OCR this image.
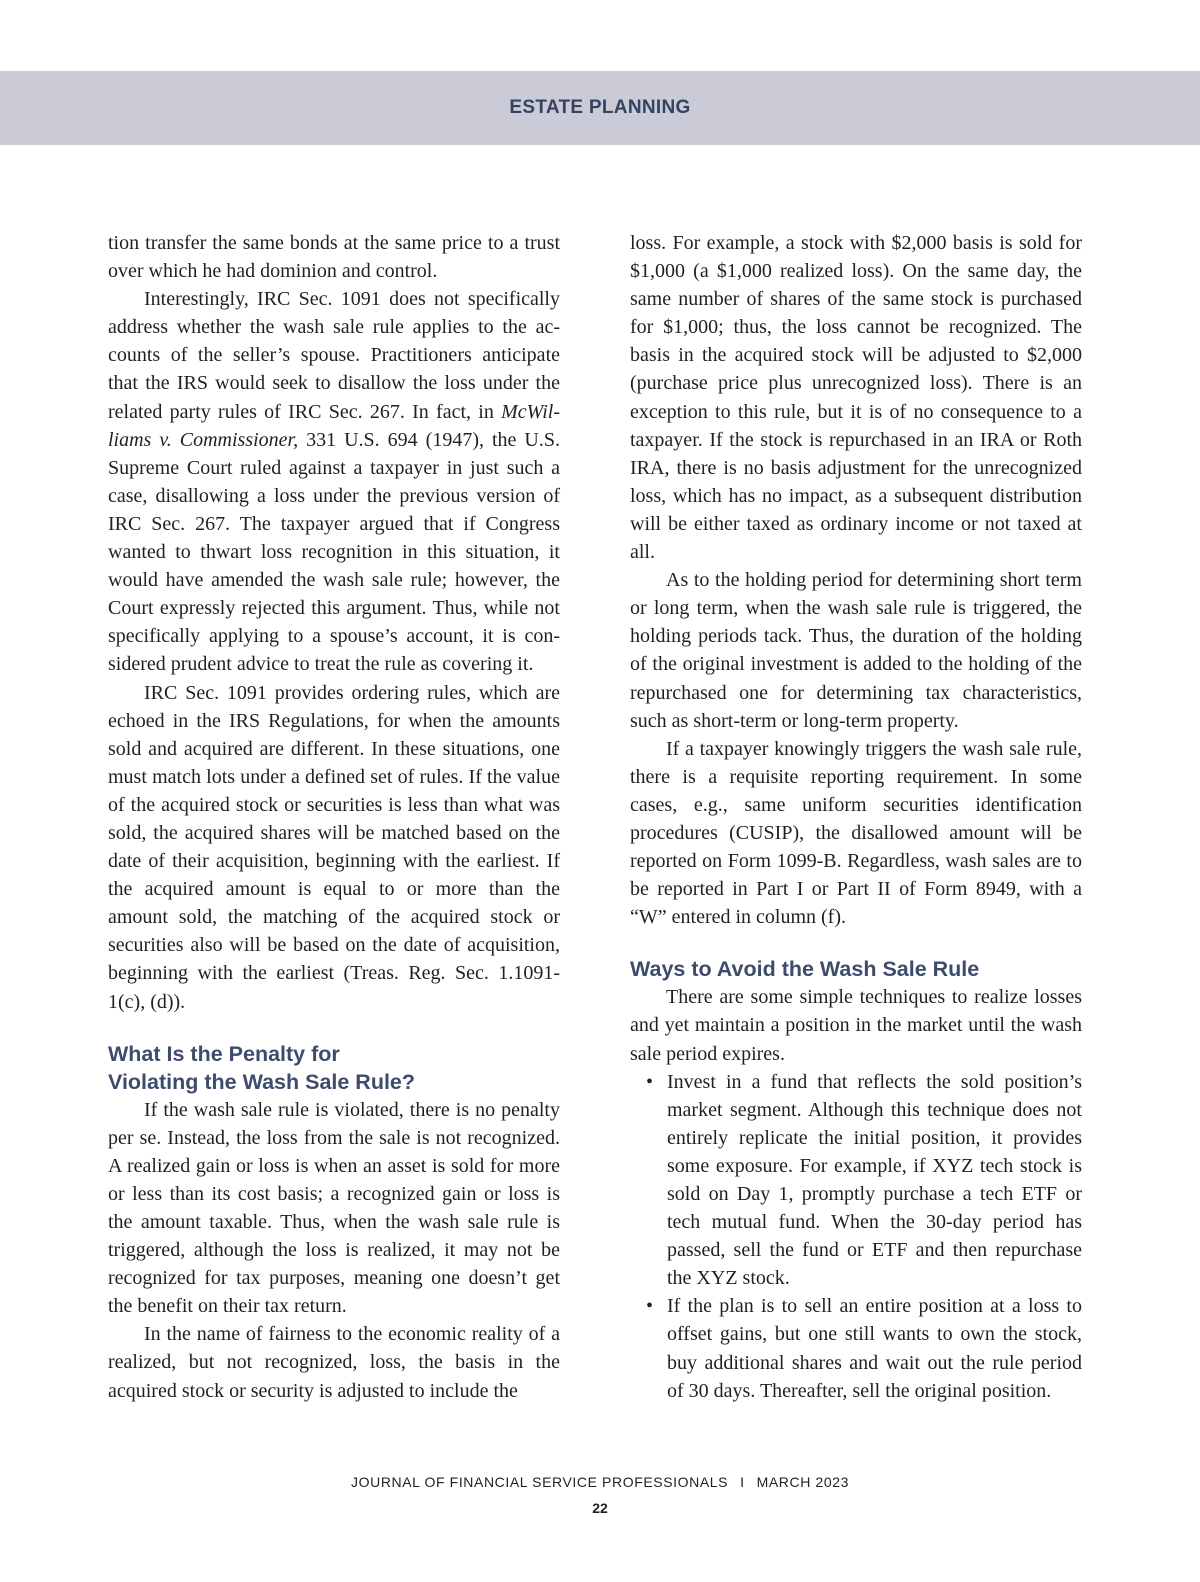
ESTATE PLANNING

tion transfer the same bonds at the same price to a trust over which he had dominion and control.

Interestingly, IRC Sec. 1091 does not specifically address whether the wash sale rule applies to the accounts of the seller’s spouse. Practitioners anticipate that the IRS would seek to disallow the loss under the related party rules of IRC Sec. 267. In fact, in McWilliams v. Commissioner, 331 U.S. 694 (1947), the U.S. Supreme Court ruled against a taxpayer in just such a case, disallowing a loss under the previous version of IRC Sec. 267. The taxpayer argued that if Congress wanted to thwart loss recognition in this situation, it would have amended the wash sale rule; however, the Court expressly rejected this argument. Thus, while not specifically applying to a spouse’s account, it is considered prudent advice to treat the rule as covering it.

IRC Sec. 1091 provides ordering rules, which are echoed in the IRS Regulations, for when the amounts sold and acquired are different. In these situations, one must match lots under a defined set of rules. If the value of the acquired stock or securities is less than what was sold, the acquired shares will be matched based on the date of their acquisition, beginning with the earliest. If the acquired amount is equal to or more than the amount sold, the matching of the acquired stock or securities also will be based on the date of acquisition, beginning with the earliest (Treas. Reg. Sec. 1.1091-1(c), (d)).

What Is the Penalty for
Violating the Wash Sale Rule?

If the wash sale rule is violated, there is no penalty per se. Instead, the loss from the sale is not recognized. A realized gain or loss is when an asset is sold for more or less than its cost basis; a recognized gain or loss is the amount taxable. Thus, when the wash sale rule is triggered, although the loss is realized, it may not be recognized for tax purposes, meaning one doesn’t get the benefit on their tax return.

In the name of fairness to the economic reality of a realized, but not recognized, loss, the basis in the acquired stock or security is adjusted to include the

loss. For example, a stock with $2,000 basis is sold for $1,000 (a $1,000 realized loss). On the same day, the same number of shares of the same stock is purchased for $1,000; thus, the loss cannot be recognized. The basis in the acquired stock will be adjusted to $2,000 (purchase price plus unrecognized loss). There is an exception to this rule, but it is of no consequence to a taxpayer. If the stock is repurchased in an IRA or Roth IRA, there is no basis adjustment for the unrecognized loss, which has no impact, as a subsequent distribution will be either taxed as ordinary income or not taxed at all.

As to the holding period for determining short term or long term, when the wash sale rule is triggered, the holding periods tack. Thus, the duration of the holding of the original investment is added to the holding of the repurchased one for determining tax characteristics, such as short-term or long-term property.

If a taxpayer knowingly triggers the wash sale rule, there is a requisite reporting requirement. In some cases, e.g., same uniform securities identification procedures (CUSIP), the disallowed amount will be reported on Form 1099-B. Regardless, wash sales are to be reported in Part I or Part II of Form 8949, with a “W” entered in column (f).

Ways to Avoid the Wash Sale Rule

There are some simple techniques to realize losses and yet maintain a position in the market until the wash sale period expires.

• Invest in a fund that reflects the sold position’s market segment. Although this technique does not entirely replicate the initial position, it provides some exposure. For example, if XYZ tech stock is sold on Day 1, promptly purchase a tech ETF or tech mutual fund. When the 30-day period has passed, sell the fund or ETF and then repurchase the XYZ stock.
• If the plan is to sell an entire position at a loss to offset gains, but one still wants to own the stock, buy additional shares and wait out the rule period of 30 days. Thereafter, sell the original position.
JOURNAL OF FINANCIAL SERVICE PROFESSIONALS I MARCH 2023
22
